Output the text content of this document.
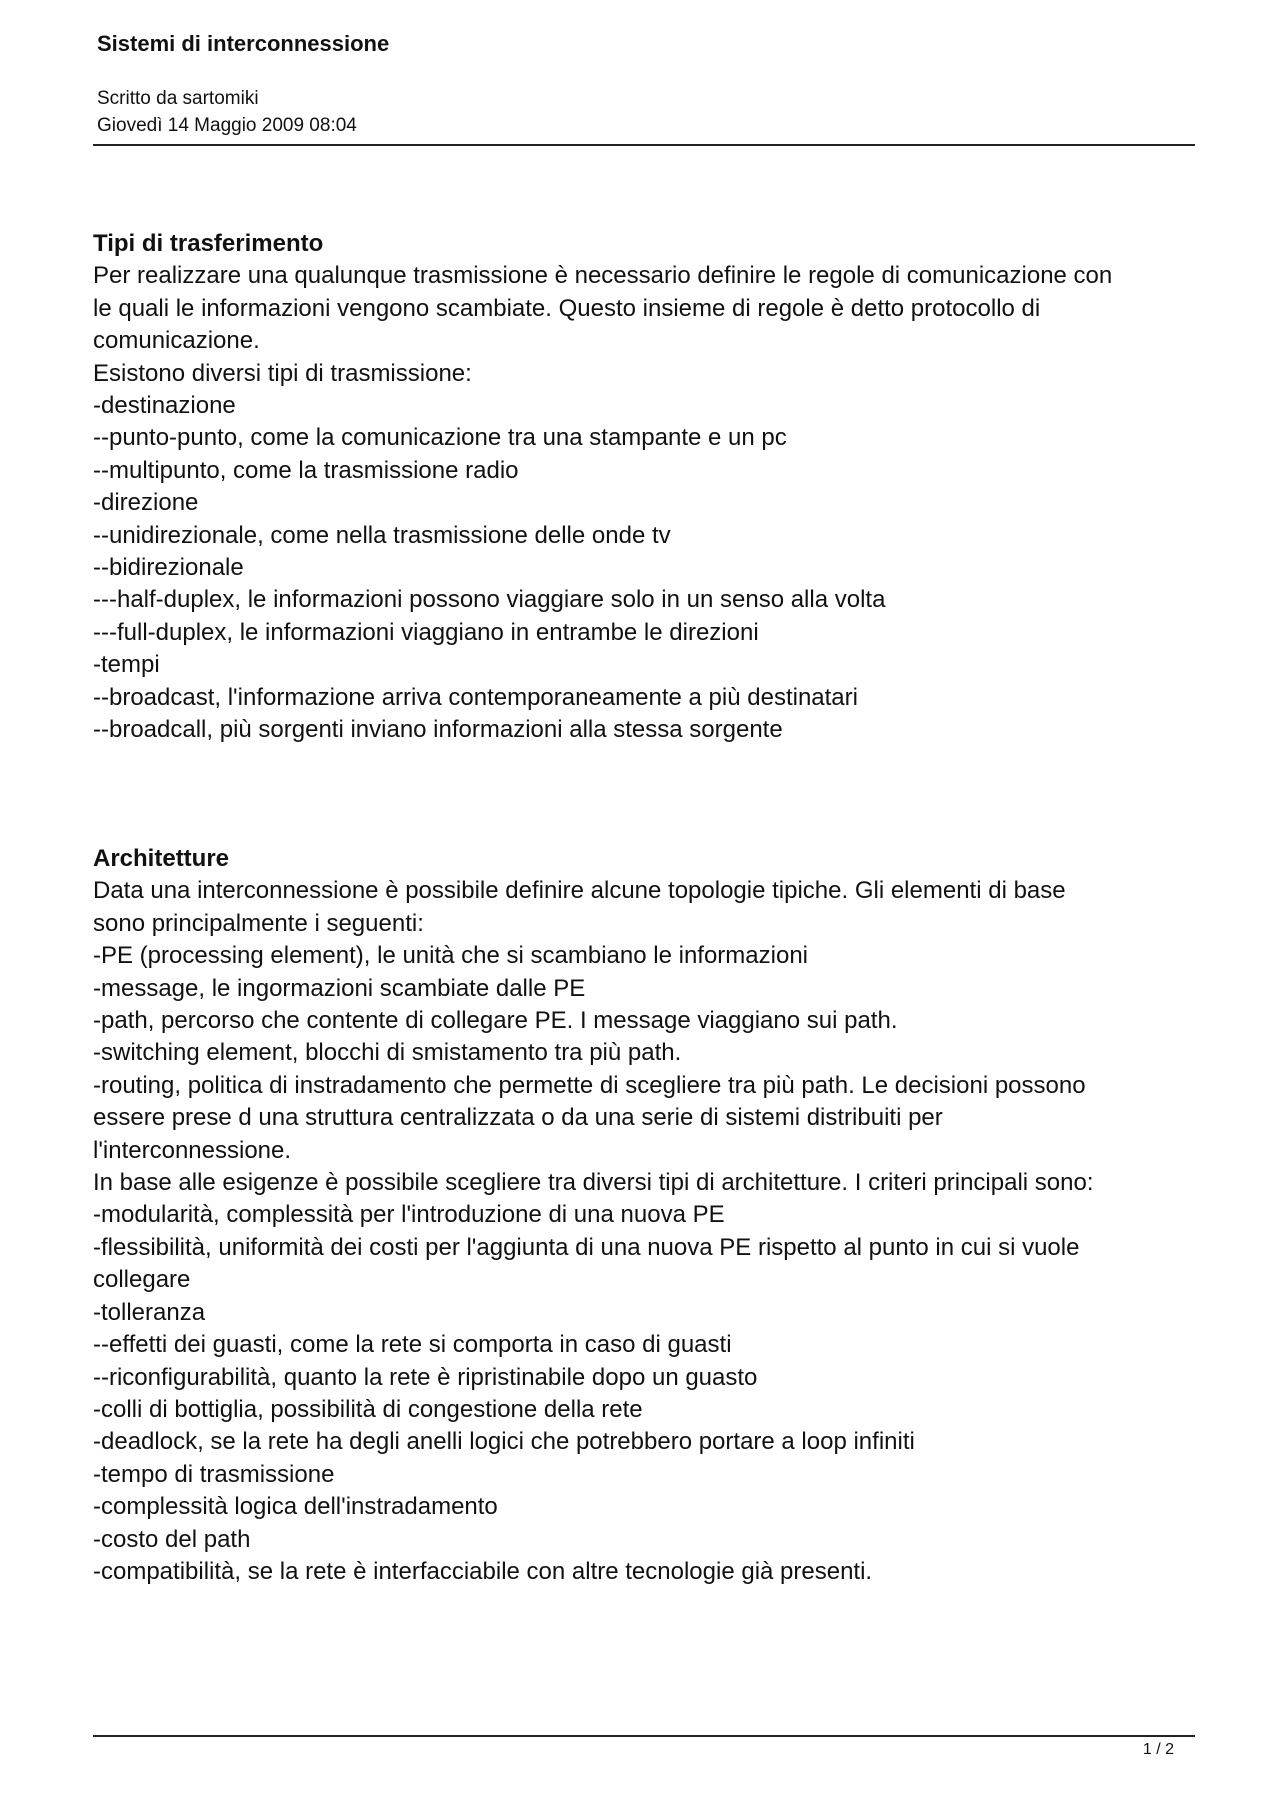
Sistemi di interconnessione
Scritto da sartomiki
Giovedì 14 Maggio 2009 08:04
Tipi di trasferimento
Per realizzare una qualunque trasmissione è necessario definire le regole di comunicazione con
le quali le informazioni vengono scambiate. Questo insieme di regole è detto protocollo di
comunicazione.
Esistono diversi tipi di trasmissione:
-destinazione
--punto-punto, come la comunicazione tra una stampante e un pc
--multipunto, come la trasmissione radio
-direzione
--unidirezionale, come nella trasmissione delle onde tv
--bidirezionale
---half-duplex, le informazioni possono viaggiare solo in un senso alla volta
---full-duplex, le informazioni viaggiano in entrambe le direzioni
-tempi
--broadcast, l'informazione arriva contemporaneamente a più destinatari
--broadcall, più sorgenti inviano informazioni alla stessa sorgente
Architetture
Data una interconnessione è possibile definire alcune topologie tipiche. Gli elementi di base
sono principalmente i seguenti:
-PE (processing element), le unità che si scambiano le informazioni
-message, le ingormazioni scambiate dalle PE
-path, percorso che contente di collegare PE. I message viaggiano sui path.
-switching element, blocchi di smistamento tra più path.
-routing, politica di instradamento che permette di scegliere tra più path. Le decisioni possono
essere prese d una struttura centralizzata o da una serie di sistemi distribuiti per
l'interconnessione.
In base alle esigenze è possibile scegliere tra diversi tipi di architetture. I criteri principali sono:
-modularità, complessità per l'introduzione di una nuova PE
-flessibilità, uniformità dei costi per l'aggiunta di una nuova PE rispetto al punto in cui si vuole
collegare
-tolleranza
--effetti dei guasti, come la rete si comporta in caso di guasti
--riconfigurabilità, quanto la rete è ripristinabile dopo un guasto
-colli di bottiglia, possibilità di congestione della rete
-deadlock, se la rete ha degli anelli logici che potrebbero portare a loop infiniti
-tempo di trasmissione
-complessità logica dell'instradamento
-costo del path
-compatibilità, se la rete è interfacciabile con altre tecnologie già presenti.
1 / 2
